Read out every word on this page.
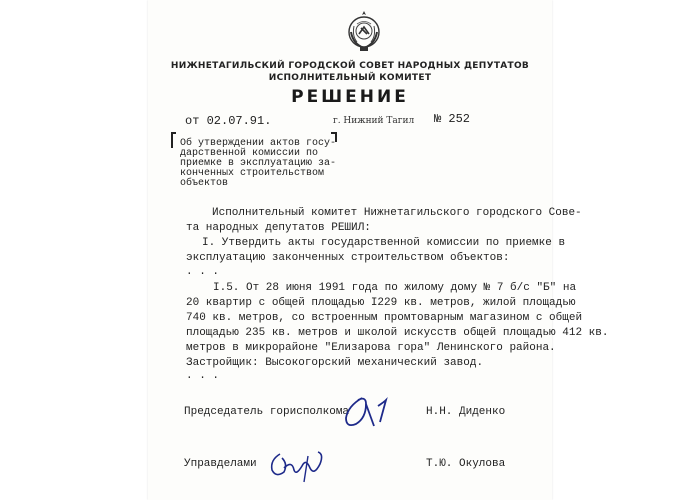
НИЖНЕТАГИЛЬСКИЙ ГОРОДСКОЙ СОВЕТ НАРОДНЫХ ДЕПУТАТОВ
ИСПОЛНИТЕЛЬНЫЙ КОМИТЕТ
РЕШЕНИЕ
от 02.07.91.	г. Нижний Тагил № 252
Об утверждении актов госу-
дарственной комиссии по
приемке в эксплуатацию за-
конченных строительством
объектов
Исполнительный комитет Нижнетагильского городского Сове-
та народных депутатов РЕШИЛ:
I. Утвердить акты государственной комиссии по приемке в
эксплуатацию законченных строительством объектов:
. . .
I.5. От 28 июня 1991 года по жилому дому № 7 б/с "Б" на
20 квартир с общей площадью I229 кв. метров, жилой площадью
740 кв. метров, со встроенным промтоварным магазином с общей
площадью 235 кв. метров и школой искусств общей площадью 412 кв.
метров в микрорайоне "Елизарова гора" Ленинского района.
Застройщик: Высокогорский механический завод.
. . .
Председатель горисполкома	Н.Н. Диденко
Управделами	Т.Ю. Окулова
